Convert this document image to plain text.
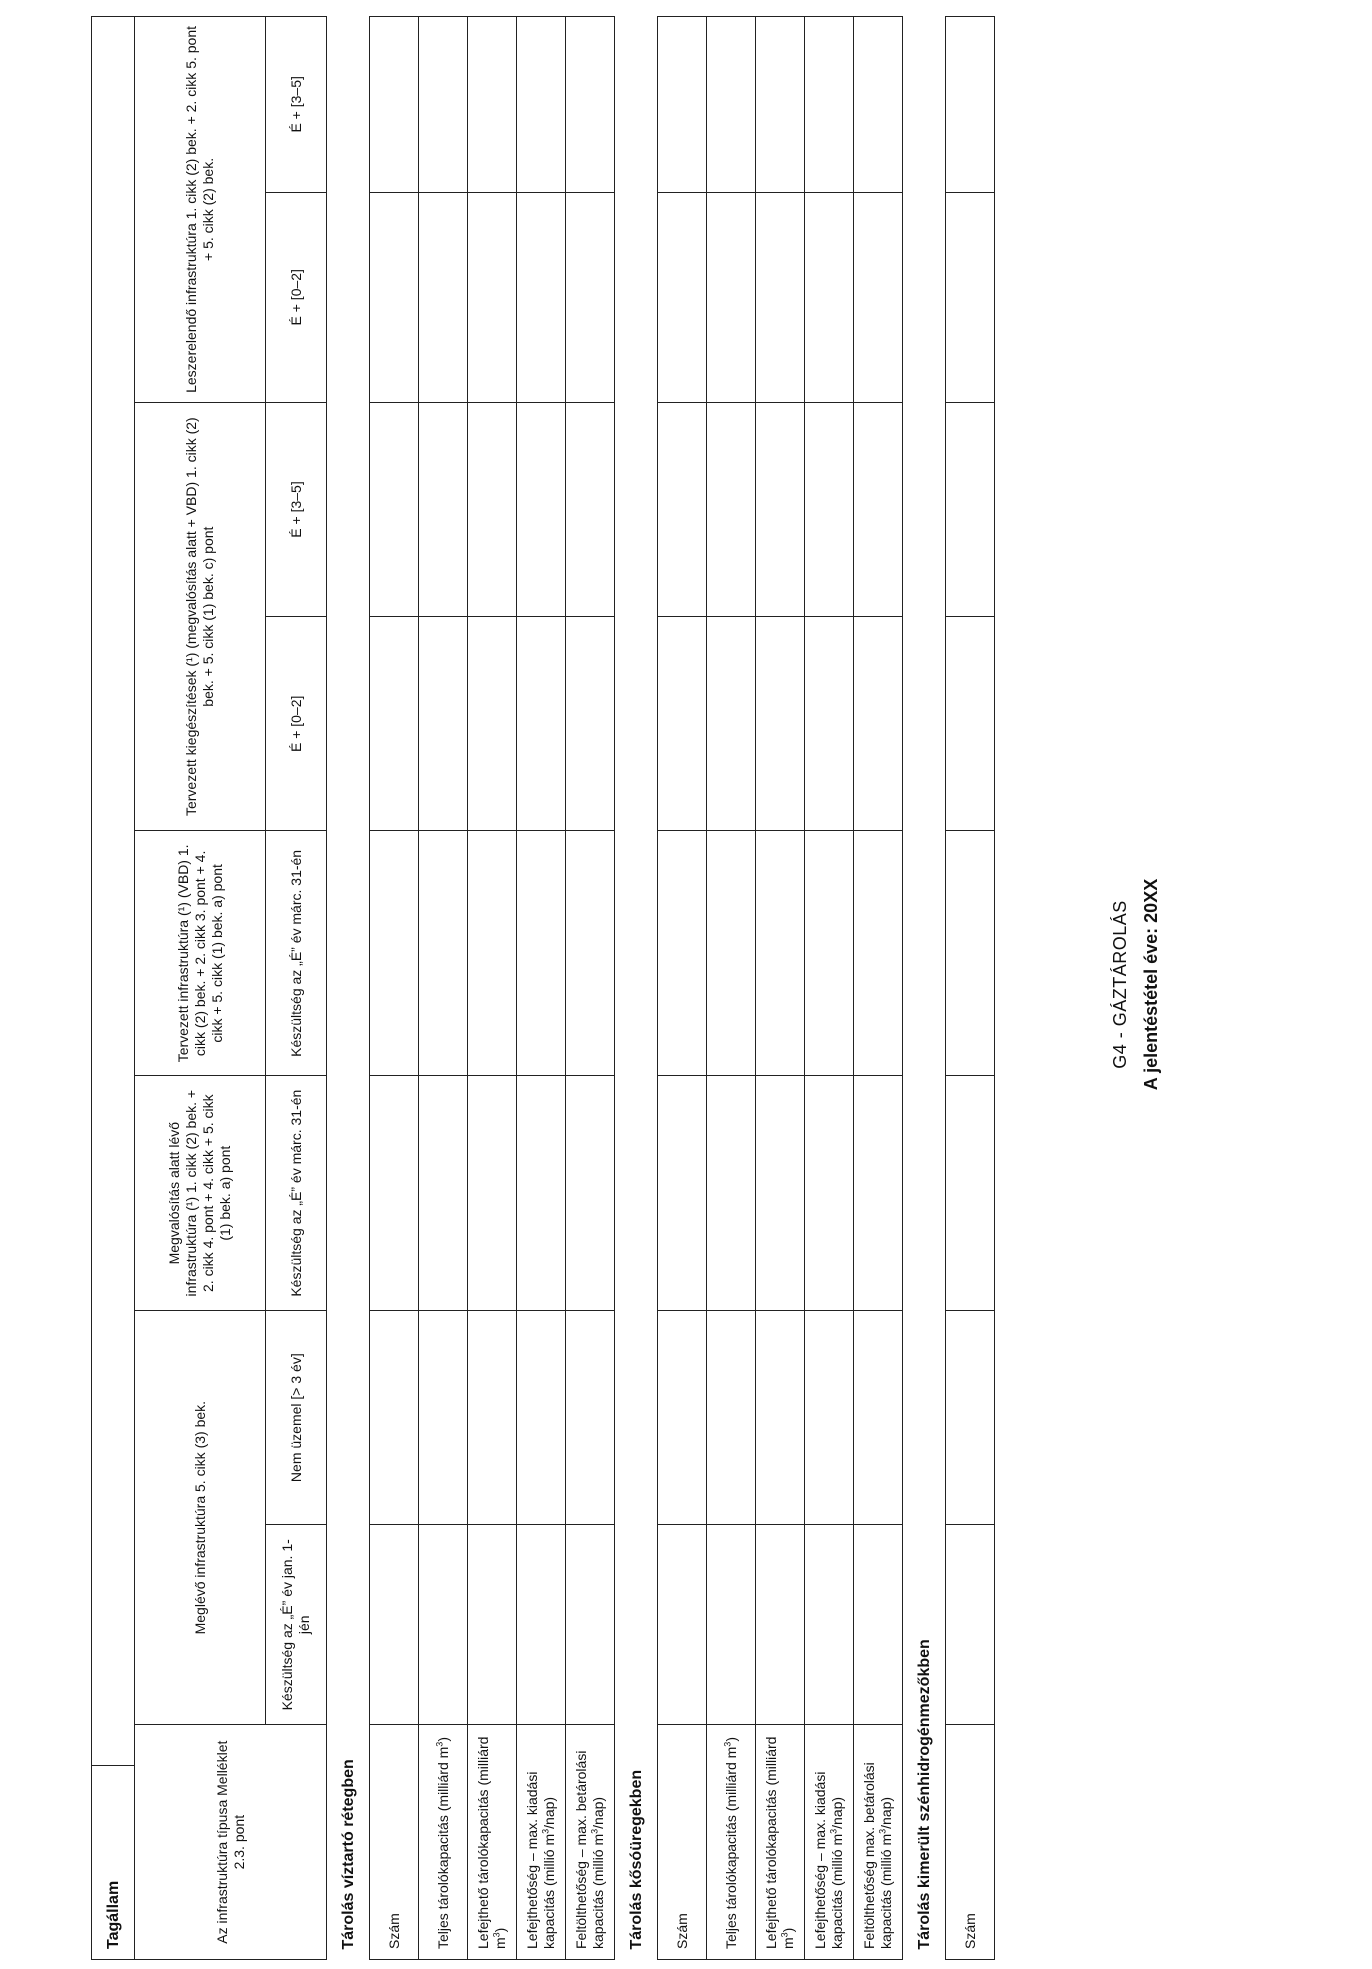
G4 - GÁZTÁROLÁS A jelentéstétel éve: 20XX
Tagállam									
Az infrastruktúra típusa Melléklet 2.3. pont		Meglévő infrastruktúra 5. cikk (3) bek.		Megvalósítás alatt lévő infrastruktúra (¹) 1. cikk (2) bek. + 2. cikk 4. pont + 4. cikk + 5. cikk (1) bek. a) pont	Tervezett infrastruktúra (¹) (VBD) 1. cikk (2) bek. + 2. cikk 3. pont + 4. cikk + 5. cikk (1) bek. a) pont	Tervezett kiegészítések (¹) (megvalósítás alatt + VBD) 1. cikk (2) bek. + 5. cikk (1) bek. c) pont		Leszerelendő infrastruktúra 1. cikk (2) bek. + 2. cikk 5. pont + 5. cikk (2) bek.	
		Készültség az „É” év jan. 1-jén	Nem üzemel [> 3 év]	Készültség az „É” év márc. 31-én	Készültség az „É” év márc. 31-én	É + [0–2]	É + [3–5]	É + [0–2]	É + [3–5]
Tárolás víztartó rétegben									
Szám									
Teljes tárolókapacitás (milliárd $m^3$)									
Lefejthető tárolókapacitás (milliárd $m^3$)									
Lefejthetőség – max. kiadási kapacitás (millió $m^3/nap$)									
Feltölthetőség – max. betárolási kapacitás (millió $m^3/nap$)									
Tárolás kősóüregekben									
Szám									
Teljes tárolókapacitás (milliárd $m^3$)									
Lefejthető tárolókapacitás (milliárd $m^3$)									
Lefejthetőség – max. kiadási kapacitás (millió $m^3/nap$)									
Feltölthetőség max. betárolási kapacitás (millió $m^3/nap$)									
Tárolás kimerült szénhidrogénmezőkben									
Szám									
